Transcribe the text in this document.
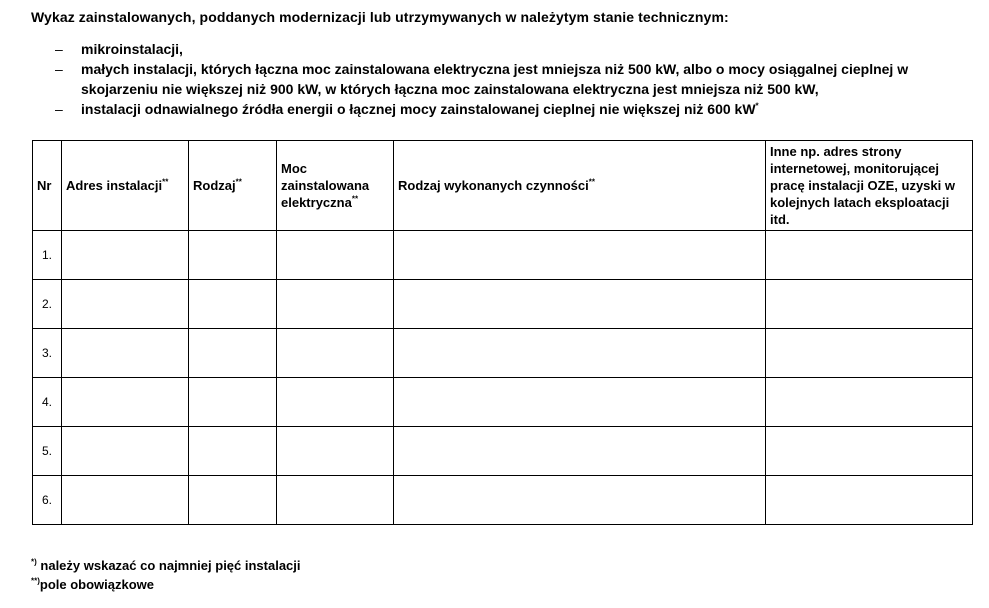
Wykaz zainstalowanych, poddanych modernizacji lub utrzymywanych w należytym stanie technicznym:
– mikroinstalacji,
– małych instalacji, których łączna moc zainstalowana elektryczna jest mniejsza niż 500 kW, albo o mocy osiągalnej cieplnej w skojarzeniu nie większej niż 900 kW, w których łączna moc zainstalowana elektryczna jest mniejsza niż 500 kW,
– instalacji odnawialnego źródła energii o łącznej mocy zainstalowanej cieplnej nie większej niż 600 kW*
Nr	Adres instalacji**	Rodzaj**	Moc zainstalowana elektryczna**	Rodzaj wykonanych czynności**	Inne np. adres strony internetowej, monitorującej pracę instalacji OZE, uzyski w kolejnych latach eksploatacji itd.
1.					
2.					
3.					
4.					
5.					
6.					
*) należy wskazać co najmniej pięć instalacji
**)pole obowiązkowe
